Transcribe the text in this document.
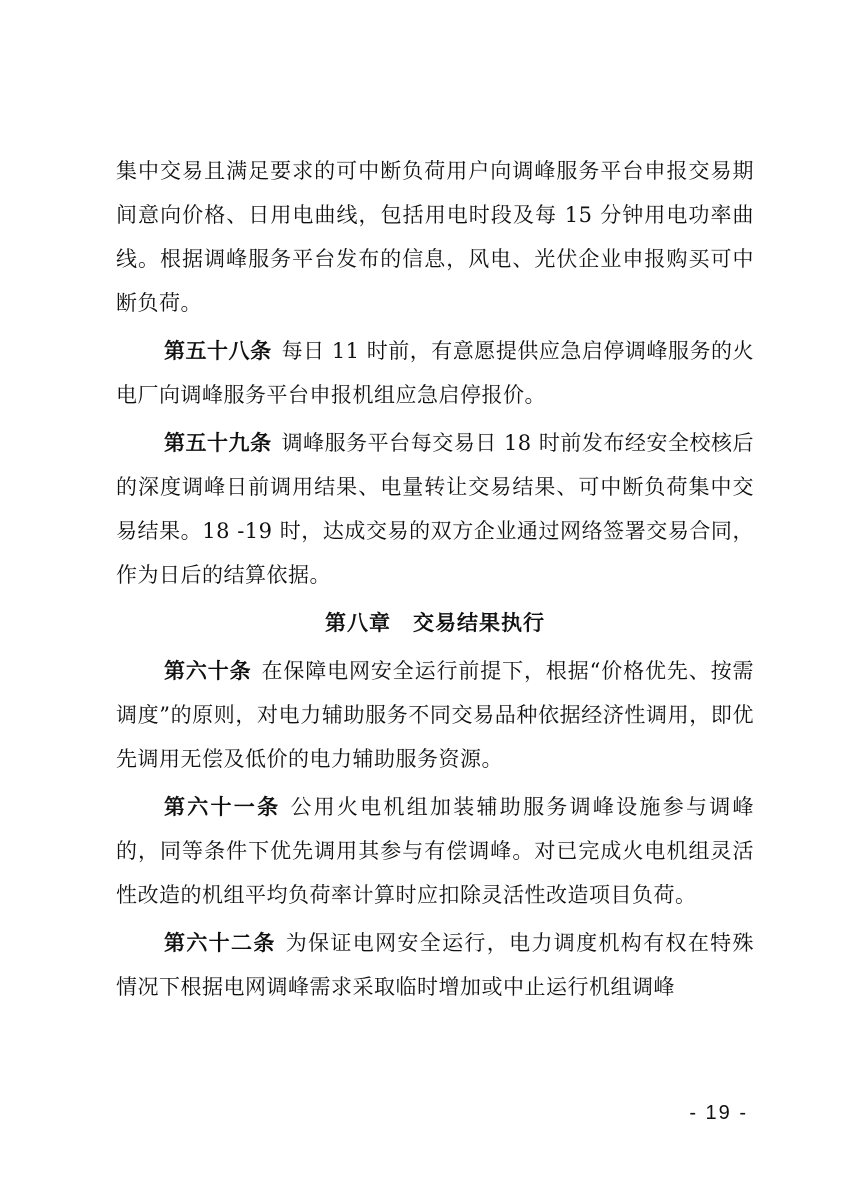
集中交易且满足要求的可中断负荷用户向调峰服务平台申报交易期间意向价格、日用电曲线，包括用电时段及每 15 分钟用电功率曲线。根据调峰服务平台发布的信息，风电、光伏企业申报购买可中断负荷。

第五十八条 每日 11 时前，有意愿提供应急启停调峰服务的火电厂向调峰服务平台申报机组应急启停报价。

第五十九条 调峰服务平台每交易日 18 时前发布经安全校核后的深度调峰日前调用结果、电量转让交易结果、可中断负荷集中交易结果。18 -19 时，达成交易的双方企业通过网络签署交易合同，作为日后的结算依据。

第八章　交易结果执行

第六十条 在保障电网安全运行前提下，根据“价格优先、按需调度”的原则，对电力辅助服务不同交易品种依据经济性调用，即优先调用无偿及低价的电力辅助服务资源。

第六十一条 公用火电机组加装辅助服务调峰设施参与调峰的，同等条件下优先调用其参与有偿调峰。对已完成火电机组灵活性改造的机组平均负荷率计算时应扣除灵活性改造项目负荷。

第六十二条 为保证电网安全运行，电力调度机构有权在特殊情况下根据电网调峰需求采取临时增加或中止运行机组调峰

- 19 -
